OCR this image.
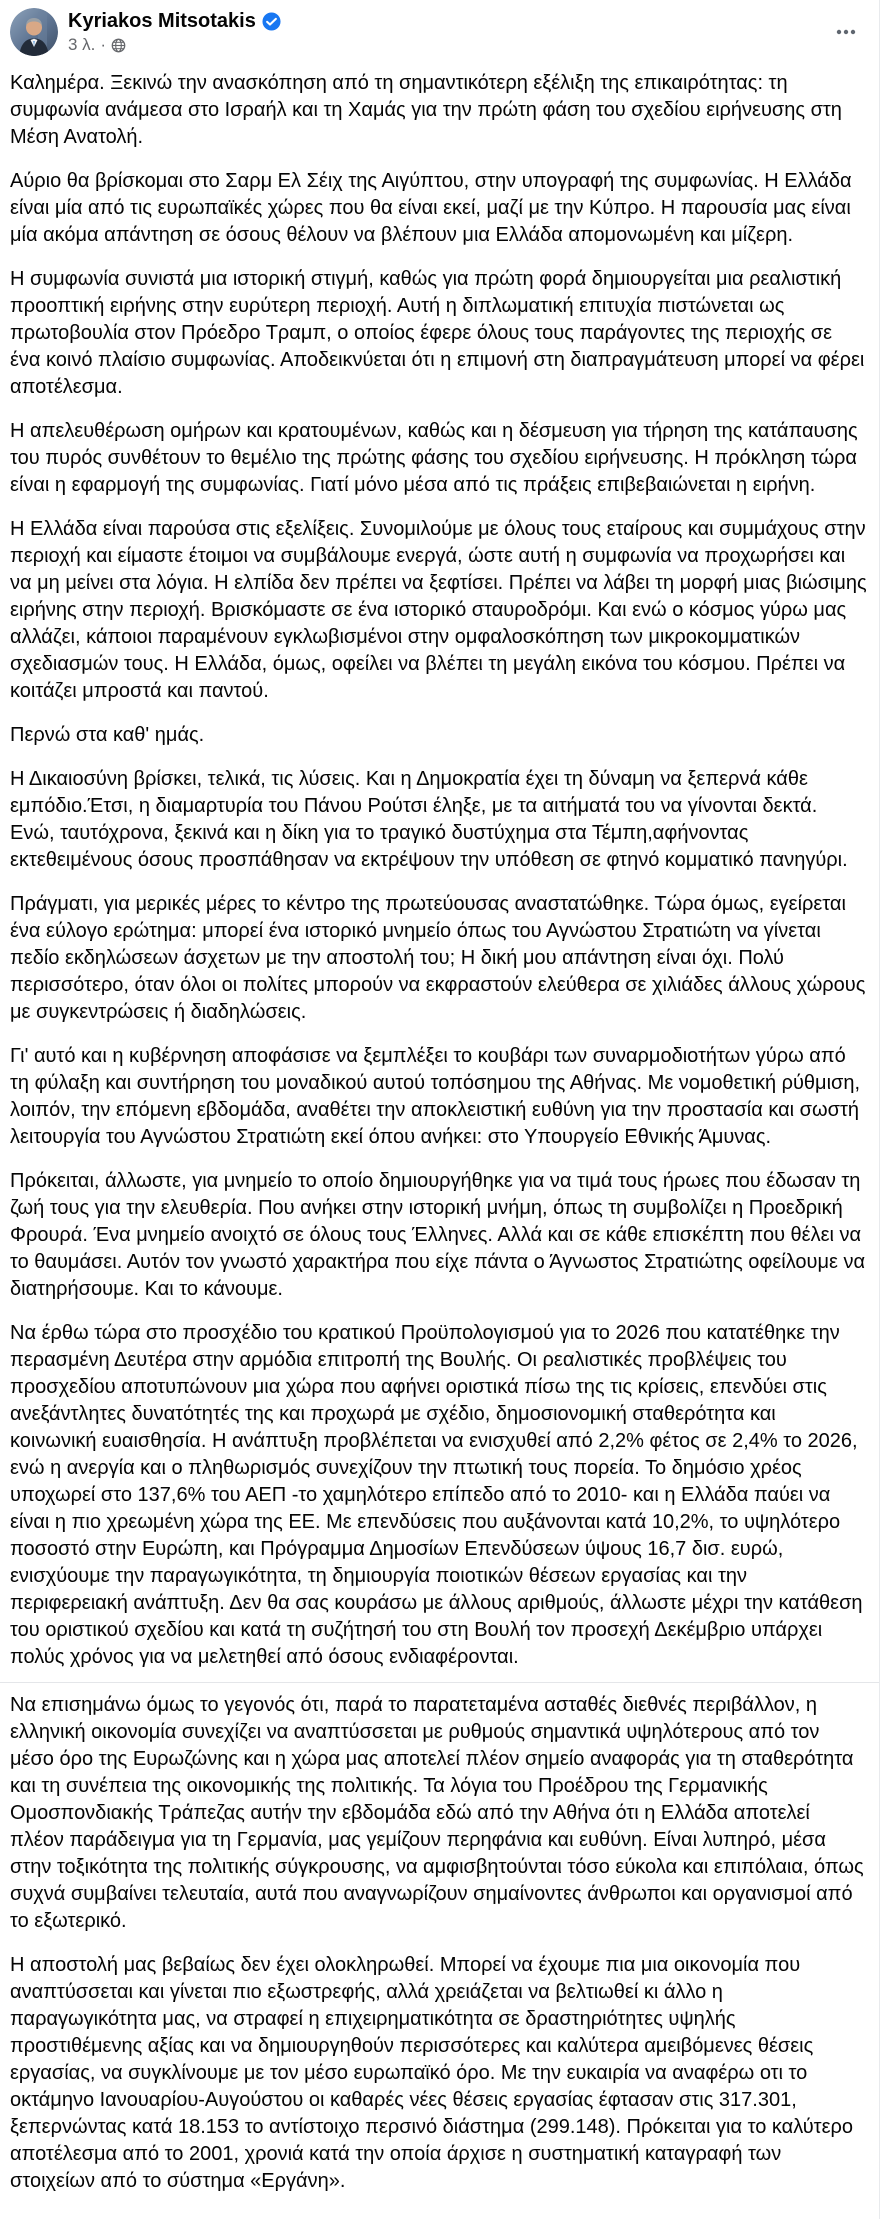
Kyriakos Mitsotakis
3 λ. ·

Καλημέρα. Ξεκινώ την ανασκόπηση από τη σημαντικότερη εξέλιξη της επικαιρότητας: τη συμφωνία ανάμεσα στο Ισραήλ και τη Χαμάς για την πρώτη φάση του σχεδίου ειρήνευσης στη Μέση Ανατολή.

Αύριο θα βρίσκομαι στο Σαρμ Ελ Σέιχ της Αιγύπτου, στην υπογραφή της συμφωνίας. Η Ελλάδα είναι μία από τις ευρωπαϊκές χώρες που θα είναι εκεί, μαζί με την Κύπρο. Η παρουσία μας είναι μία ακόμα απάντηση σε όσους θέλουν να βλέπουν μια Ελλάδα απομονωμένη και μίζερη.

Η συμφωνία συνιστά μια ιστορική στιγμή, καθώς για πρώτη φορά δημιουργείται μια ρεαλιστική προοπτική ειρήνης στην ευρύτερη περιοχή. Αυτή η διπλωματική επιτυχία πιστώνεται ως πρωτοβουλία στον Πρόεδρο Τραμπ, ο οποίος έφερε όλους τους παράγοντες της περιοχής σε ένα κοινό πλαίσιο συμφωνίας. Αποδεικνύεται ότι η επιμονή στη διαπραγμάτευση μπορεί να φέρει αποτέλεσμα.

Η απελευθέρωση ομήρων και κρατουμένων, καθώς και η δέσμευση για τήρηση της κατάπαυσης του πυρός συνθέτουν το θεμέλιο της πρώτης φάσης του σχεδίου ειρήνευσης. Η πρόκληση τώρα είναι η εφαρμογή της συμφωνίας. Γιατί μόνο μέσα από τις πράξεις επιβεβαιώνεται η ειρήνη.

Η Ελλάδα είναι παρούσα στις εξελίξεις. Συνομιλούμε με όλους τους εταίρους και συμμάχους στην περιοχή και είμαστε έτοιμοι να συμβάλουμε ενεργά, ώστε αυτή η συμφωνία να προχωρήσει και να μη μείνει στα λόγια. Η ελπίδα δεν πρέπει να ξεφτίσει. Πρέπει να λάβει τη μορφή μιας βιώσιμης ειρήνης στην περιοχή. Βρισκόμαστε σε ένα ιστορικό σταυροδρόμι. Και ενώ ο κόσμος γύρω μας αλλάζει, κάποιοι παραμένουν εγκλωβισμένοι στην ομφαλοσκόπηση των μικροκομματικών σχεδιασμών τους. Η Ελλάδα, όμως, οφείλει να βλέπει τη μεγάλη εικόνα του κόσμου. Πρέπει να κοιτάζει μπροστά και παντού.

Περνώ στα καθ' ημάς.

Η Δικαιοσύνη βρίσκει, τελικά, τις λύσεις. Και η Δημοκρατία έχει τη δύναμη να ξεπερνά κάθε εμπόδιο.Έτσι, η διαμαρτυρία του Πάνου Ρούτσι έληξε, με τα αιτήματά του να γίνονται δεκτά. Ενώ, ταυτόχρονα, ξεκινά και η δίκη για το τραγικό δυστύχημα στα Τέμπη,αφήνοντας εκτεθειμένους όσους προσπάθησαν να εκτρέψουν την υπόθεση σε φτηνό κομματικό πανηγύρι.

Πράγματι, για μερικές μέρες το κέντρο της πρωτεύουσας αναστατώθηκε. Τώρα όμως, εγείρεται ένα εύλογο ερώτημα: μπορεί ένα ιστορικό μνημείο όπως του Αγνώστου Στρατιώτη να γίνεται πεδίο εκδηλώσεων άσχετων με την αποστολή του; Η δική μου απάντηση είναι όχι. Πολύ περισσότερο, όταν όλοι οι πολίτες μπορούν να εκφραστούν ελεύθερα σε χιλιάδες άλλους χώρους με συγκεντρώσεις ή διαδηλώσεις.

Γι' αυτό και η κυβέρνηση αποφάσισε να ξεμπλέξει το κουβάρι των συναρμοδιοτήτων γύρω από τη φύλαξη και συντήρηση του μοναδικού αυτού τοπόσημου της Αθήνας. Με νομοθετική ρύθμιση, λοιπόν, την επόμενη εβδομάδα, αναθέτει την αποκλειστική ευθύνη για την προστασία και σωστή λειτουργία του Αγνώστου Στρατιώτη εκεί όπου ανήκει: στο Υπουργείο Εθνικής Άμυνας.

Πρόκειται, άλλωστε, για μνημείο το οποίο δημιουργήθηκε για να τιμά τους ήρωες που έδωσαν τη ζωή τους για την ελευθερία. Που ανήκει στην ιστορική μνήμη, όπως τη συμβολίζει η Προεδρική Φρουρά. Ένα μνημείο ανοιχτό σε όλους τους Έλληνες. Αλλά και σε κάθε επισκέπτη που θέλει να το θαυμάσει. Αυτόν τον γνωστό χαρακτήρα που είχε πάντα ο Άγνωστος Στρατιώτης οφείλουμε να διατηρήσουμε. Και το κάνουμε.

Να έρθω τώρα στο προσχέδιο του κρατικού Προϋπολογισμού για το 2026 που κατατέθηκε την περασμένη Δευτέρα στην αρμόδια επιτροπή της Βουλής. Οι ρεαλιστικές προβλέψεις του προσχεδίου αποτυπώνουν μια χώρα που αφήνει οριστικά πίσω της τις κρίσεις, επενδύει στις ανεξάντλητες δυνατότητές της και προχωρά με σχέδιο, δημοσιονομική σταθερότητα και κοινωνική ευαισθησία. Η ανάπτυξη προβλέπεται να ενισχυθεί από 2,2% φέτος σε 2,4% το 2026, ενώ η ανεργία και ο πληθωρισμός συνεχίζουν την πτωτική τους πορεία. Το δημόσιο χρέος υποχωρεί στο 137,6% του ΑΕΠ -το χαμηλότερο επίπεδο από το 2010- και η Ελλάδα παύει να είναι η πιο χρεωμένη χώρα της ΕΕ. Με επενδύσεις που αυξάνονται κατά 10,2%, το υψηλότερο ποσοστό στην Ευρώπη, και Πρόγραμμα Δημοσίων Επενδύσεων ύψους 16,7 δισ. ευρώ, ενισχύουμε την παραγωγικότητα, τη δημιουργία ποιοτικών θέσεων εργασίας και την περιφερειακή ανάπτυξη. Δεν θα σας κουράσω με άλλους αριθμούς, άλλωστε μέχρι την κατάθεση του οριστικού σχεδίου και κατά τη συζήτησή του στη Βουλή τον προσεχή Δεκέμβριο υπάρχει πολύς χρόνος για να μελετηθεί από όσους ενδιαφέρονται.

Να επισημάνω όμως το γεγονός ότι, παρά το παρατεταμένα ασταθές διεθνές περιβάλλον, η ελληνική οικονομία συνεχίζει να αναπτύσσεται με ρυθμούς σημαντικά υψηλότερους από τον μέσο όρο της Ευρωζώνης και η χώρα μας αποτελεί πλέον σημείο αναφοράς για τη σταθερότητα και τη συνέπεια της οικονομικής της πολιτικής. Τα λόγια του Προέδρου της Γερμανικής Ομοσπονδιακής Τράπεζας αυτήν την εβδομάδα εδώ από την Αθήνα ότι η Ελλάδα αποτελεί πλέον παράδειγμα για τη Γερμανία, μας γεμίζουν περηφάνια και ευθύνη. Είναι λυπηρό, μέσα στην τοξικότητα της πολιτικής σύγκρουσης, να αμφισβητούνται τόσο εύκολα και επιπόλαια, όπως συχνά συμβαίνει τελευταία, αυτά που αναγνωρίζουν σημαίνοντες άνθρωποι και οργανισμοί από το εξωτερικό.

Η αποστολή μας βεβαίως δεν έχει ολοκληρωθεί. Μπορεί να έχουμε πια μια οικονομία που αναπτύσσεται και γίνεται πιο εξωστρεφής, αλλά χρειάζεται να βελτιωθεί κι άλλο η παραγωγικότητα μας, να στραφεί η επιχειρηματικότητα σε δραστηριότητες υψηλής προστιθέμενης αξίας και να δημιουργηθούν περισσότερες και καλύτερα αμειβόμενες θέσεις εργασίας, να συγκλίνουμε με τον μέσο ευρωπαϊκό όρο. Με την ευκαιρία να αναφέρω οτι το οκτάμηνο Ιανουαρίου-Αυγούστου οι καθαρές νέες θέσεις εργασίας έφτασαν στις 317.301, ξεπερνώντας κατά 18.153 το αντίστοιχο περσινό διάστημα (299.148). Πρόκειται για το καλύτερο αποτέλεσμα από το 2001, χρονιά κατά την οποία άρχισε η συστηματική καταγραφή των στοιχείων από το σύστημα «Εργάνη».
